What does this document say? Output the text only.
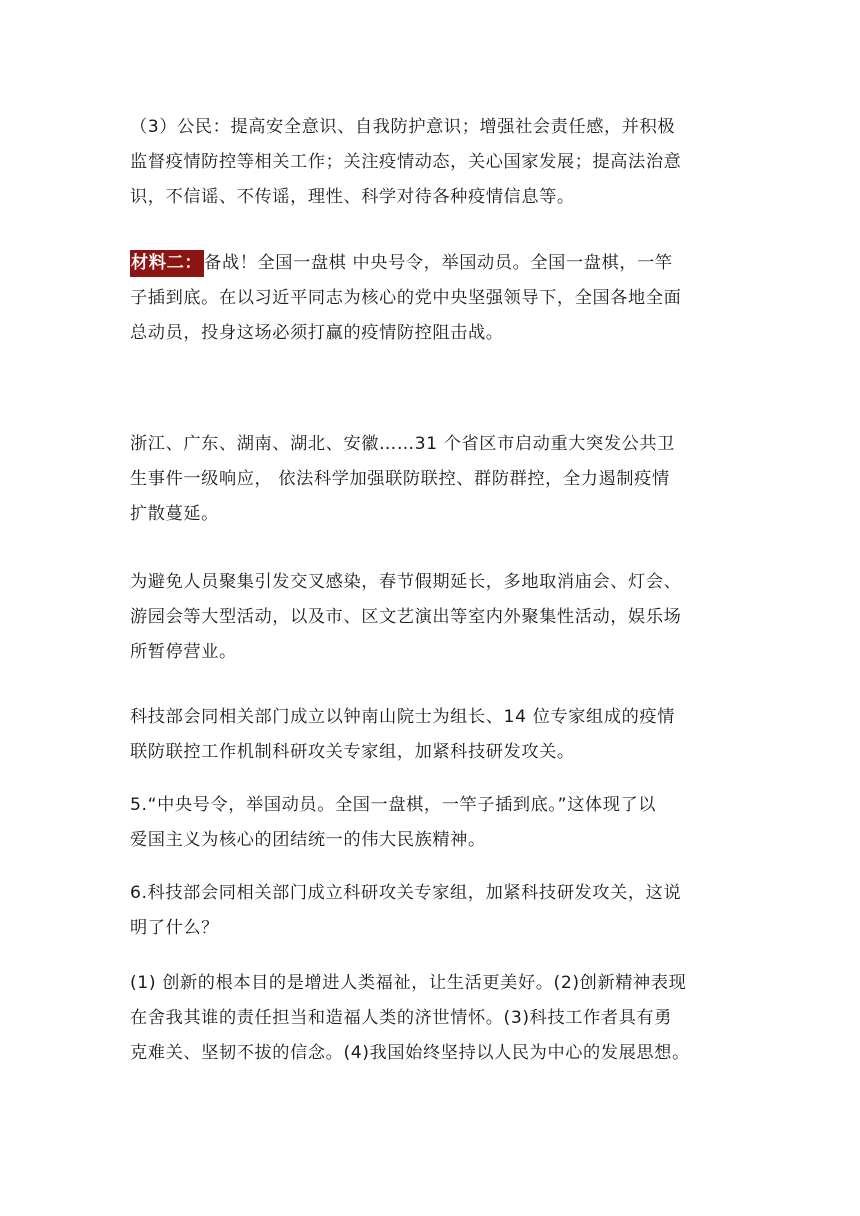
（3）公民：提高安全意识、自我防护意识；增强社会责任感，并积极
监督疫情防控等相关工作；关注疫情动态，关心国家发展；提高法治意
识，不信谣、不传谣，理性、科学对待各种疫情信息等。
材料二： 备战！全国一盘棋 中央号令，举国动员。全国一盘棋，一竿
子插到底。在以习近平同志为核心的党中央坚强领导下，全国各地全面
总动员，投身这场必须打赢的疫情防控阻击战。
浙江、广东、湖南、湖北、安徽……31 个省区市启动重大突发公共卫
生事件一级响应， 依法科学加强联防联控、群防群控，全力遏制疫情
扩散蔓延。
为避免人员聚集引发交叉感染，春节假期延长，多地取消庙会、灯会、
游园会等大型活动，以及市、区文艺演出等室内外聚集性活动，娱乐场
所暂停营业。
科技部会同相关部门成立以钟南山院士为组长、14 位专家组成的疫情
联防联控工作机制科研攻关专家组，加紧科技研发攻关。
5.“中央号令，举国动员。全国一盘棋，一竿子插到底。”这体现了以
爱国主义为核心的团结统一的伟大民族精神。
6.科技部会同相关部门成立科研攻关专家组，加紧科技研发攻关，这说
明了什么？
(1) 创新的根本目的是增进人类福祉，让生活更美好。(2)创新精神表现
在舍我其谁的责任担当和造福人类的济世情怀。(3)科技工作者具有勇
克难关、坚韧不拔的信念。(4)我国始终坚持以人民为中心的发展思想。
